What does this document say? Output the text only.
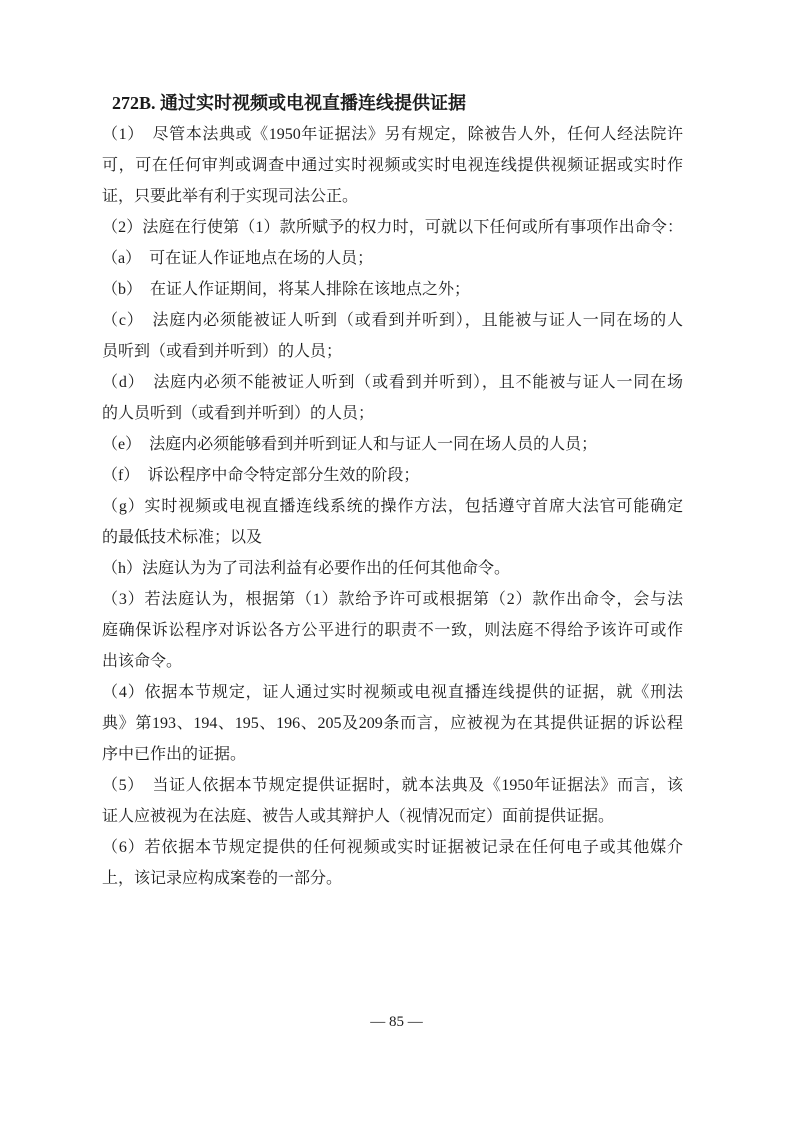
272B. 通过实时视频或电视直播连线提供证据
（1）　尽管本法典或《1950年证据法》另有规定，除被告人外，任何人经法院许
可，可在任何审判或调查中通过实时视频或实时电视连线提供视频证据或实时作
证，只要此举有利于实现司法公正。
（2）法庭在行使第（1）款所赋予的权力时，可就以下任何或所有事项作出命令：
（a）　可在证人作证地点在场的人员；
（b）　在证人作证期间，将某人排除在该地点之外；
（c）　法庭内必须能被证人听到（或看到并听到），且能被与证人一同在场的人
员听到（或看到并听到）的人员；
（d）　法庭内必须不能被证人听到（或看到并听到），且不能被与证人一同在场
的人员听到（或看到并听到）的人员；
（e）　法庭内必须能够看到并听到证人和与证人一同在场人员的人员；
（f）　诉讼程序中命令特定部分生效的阶段；
（g）实时视频或电视直播连线系统的操作方法，包括遵守首席大法官可能确定
的最低技术标准；以及
（h）法庭认为为了司法利益有必要作出的任何其他命令。
（3）若法庭认为，根据第（1）款给予许可或根据第（2）款作出命令，会与法
庭确保诉讼程序对诉讼各方公平进行的职责不一致，则法庭不得给予该许可或作
出该命令。
（4）依据本节规定，证人通过实时视频或电视直播连线提供的证据，就《刑法
典》第193、194、195、196、205及209条而言，应被视为在其提供证据的诉讼程
序中已作出的证据。
（5）　当证人依据本节规定提供证据时，就本法典及《1950年证据法》而言，该
证人应被视为在法庭、被告人或其辩护人（视情况而定）面前提供证据。
（6）若依据本节规定提供的任何视频或实时证据被记录在任何电子或其他媒介
上，该记录应构成案卷的一部分。
— 85 —
